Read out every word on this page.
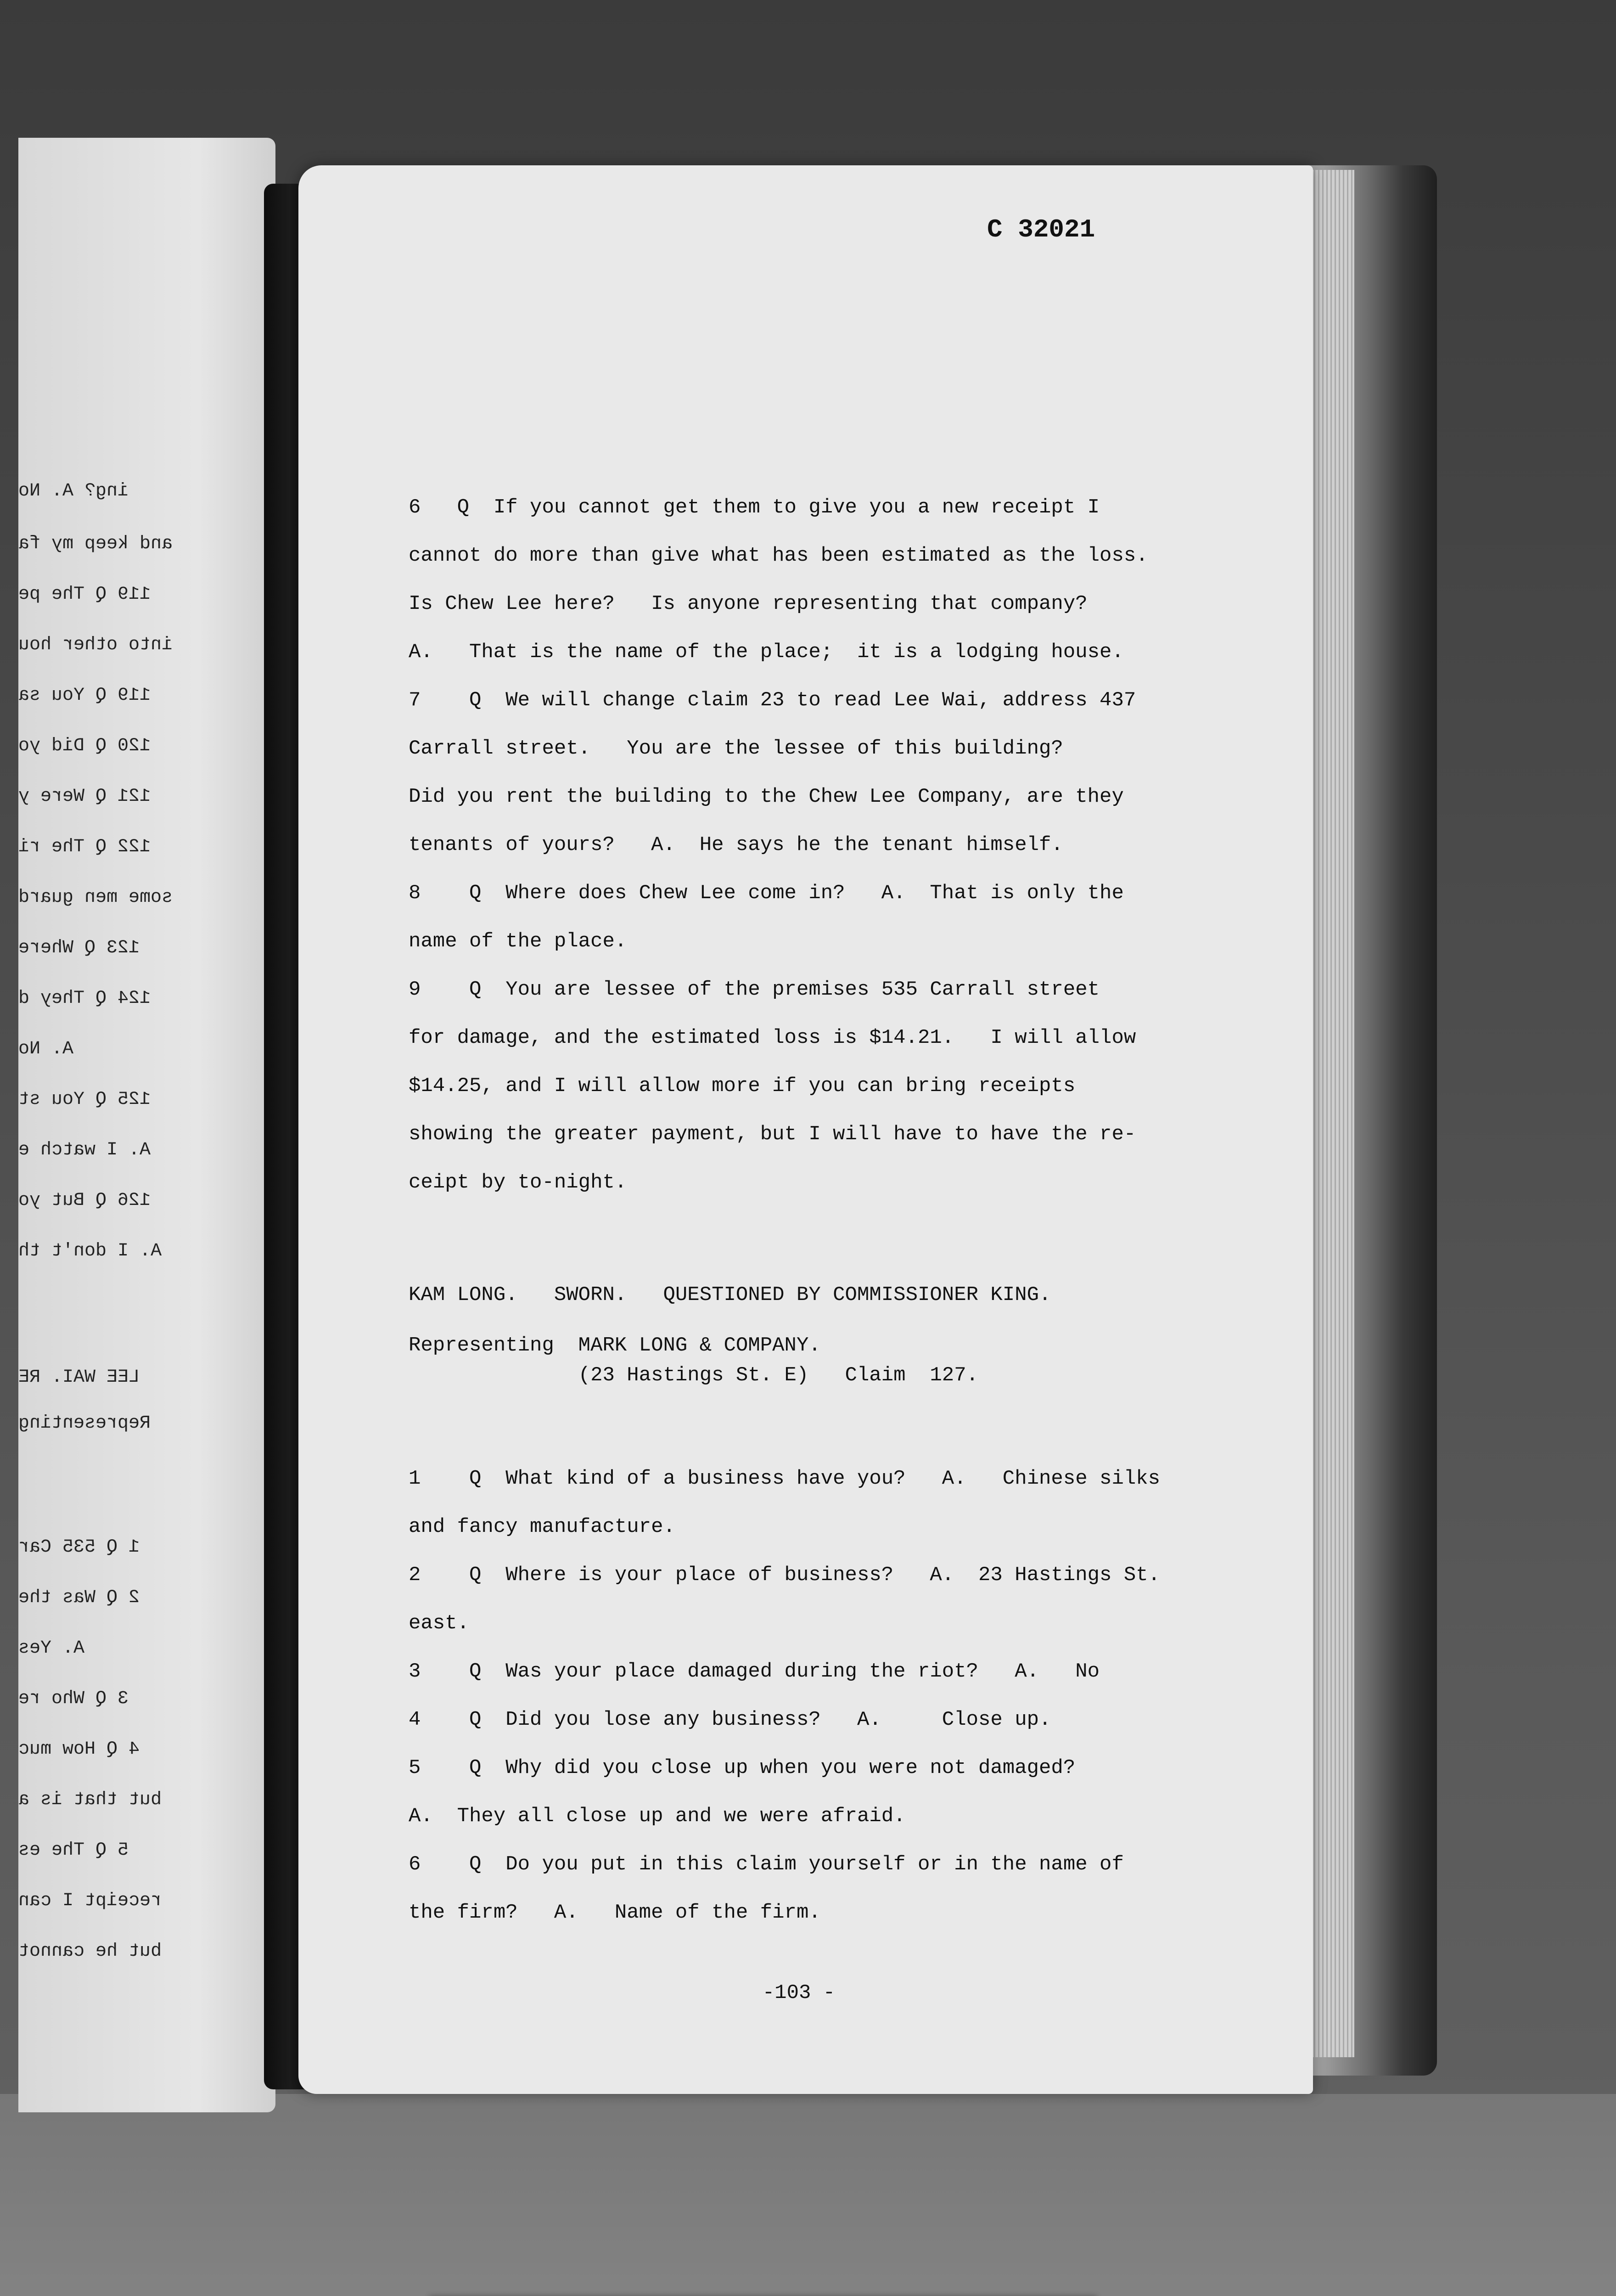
ing? A. No
and keep my fa
119 Q The pe
into other hou
119 Q You sa
120 Q Did yo
121 Q Were y
122 Q The ri
some men guard
123 Q Where
124 Q They d
A. No
125 Q You st
A. I watch e
126 Q But yo
A. I don't th
LEE WAI. RE
Representing
1 Q 535 Car
2 Q Was the
A. Yes
3 Q Who re
4 Q How muc
but that is a
5 Q The es
receipt I can
but he cannot
C 32021
6   Q  If you cannot get them to give you a new receipt I
cannot do more than give what has been estimated as the loss.
Is Chew Lee here?   Is anyone representing that company?
A.   That is the name of the place;  it is a lodging house.
7    Q  We will change claim 23 to read Lee Wai, address 437
Carrall street.   You are the lessee of this building?
Did you rent the building to the Chew Lee Company, are they
tenants of yours?   A.  He says he the tenant himself.
8    Q  Where does Chew Lee come in?   A.  That is only the
name of the place.
9    Q  You are lessee of the premises 535 Carrall street
for damage, and the estimated loss is $14.21.   I will allow
$14.25, and I will allow more if you can bring receipts
showing the greater payment, but I will have to have the re-
ceipt by to-night.
KAM LONG.   SWORN.   QUESTIONED BY COMMISSIONER KING.
Representing  MARK LONG & COMPANY.
(23 Hastings St. E)   Claim  127.
1    Q  What kind of a business have you?   A.   Chinese silks
and fancy manufacture.
2    Q  Where is your place of business?   A.  23 Hastings St.
east.
3    Q  Was your place damaged during the riot?   A.   No
4    Q  Did you lose any business?   A.     Close up.
5    Q  Why did you close up when you were not damaged?
A.  They all close up and we were afraid.
6    Q  Do you put in this claim yourself or in the name of
the firm?   A.   Name of the firm.
-103 -
